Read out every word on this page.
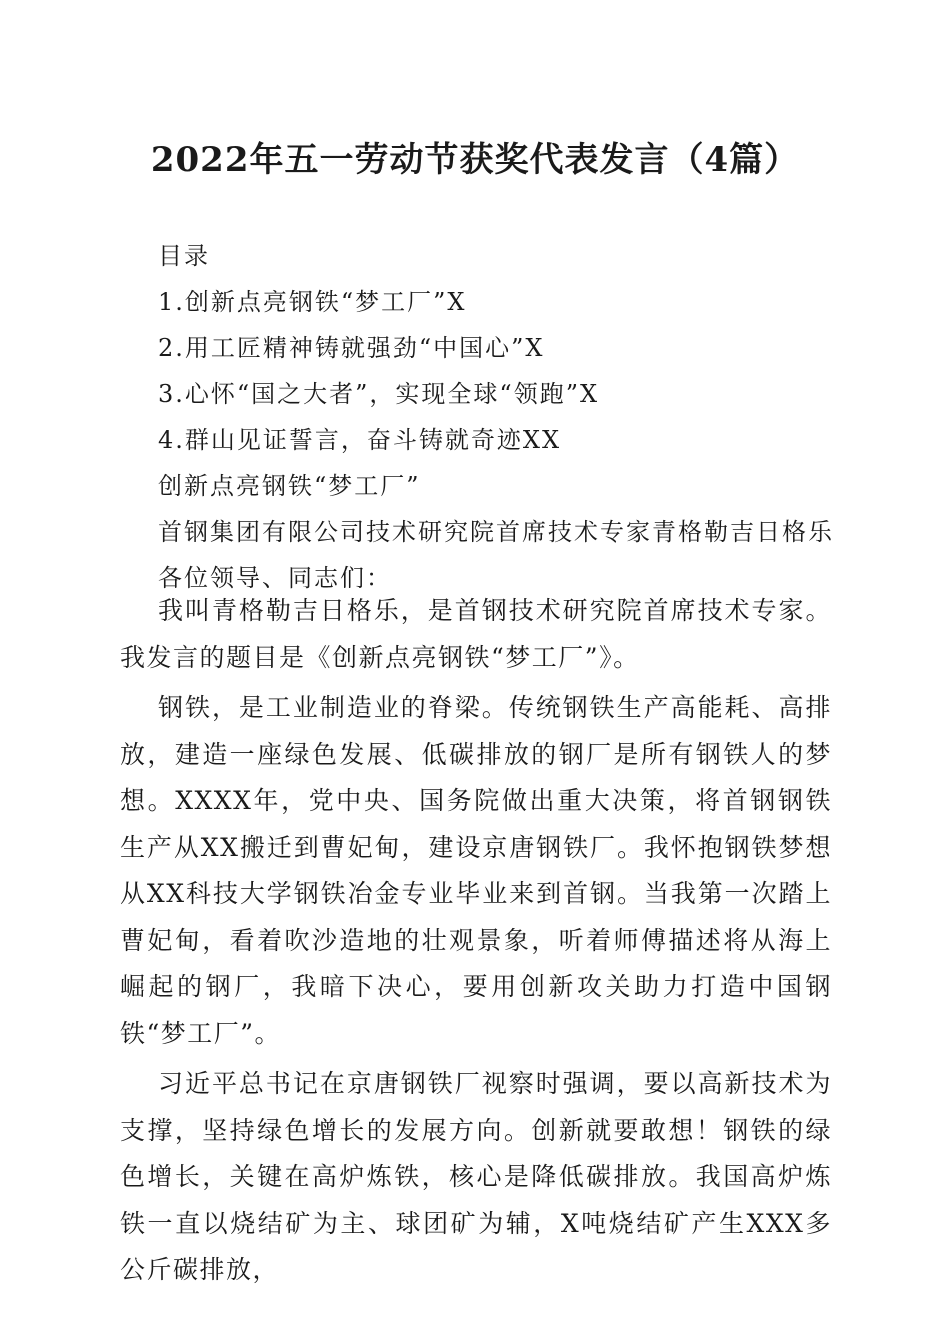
2022年五一劳动节获奖代表发言（4篇）
目录
1.创新点亮钢铁“梦工厂”X
2.用工匠精神铸就强劲“中国心”X
3.心怀“国之大者”，实现全球“领跑”X
4.群山见证誓言，奋斗铸就奇迹XX
创新点亮钢铁“梦工厂”
首钢集团有限公司技术研究院首席技术专家青格勒吉日格乐
各位领导、同志们：

我叫青格勒吉日格乐，是首钢技术研究院首席技术专家。我发言的题目是《创新点亮钢铁“梦工厂”》。

钢铁，是工业制造业的脊梁。传统钢铁生产高能耗、高排放，建造一座绿色发展、低碳排放的钢厂是所有钢铁人的梦想。XXXX年，党中央、国务院做出重大决策，将首钢钢铁生产从XX搬迁到曹妃甸，建设京唐钢铁厂。我怀抱钢铁梦想从XX科技大学钢铁冶金专业毕业来到首钢。当我第一次踏上曹妃甸，看着吹沙造地的壮观景象，听着师傅描述将从海上崛起的钢厂，我暗下决心，要用创新攻关助力打造中国钢铁“梦工厂”。

习近平总书记在京唐钢铁厂视察时强调，要以高新技术为支撑，坚持绿色增长的发展方向。创新就要敢想！钢铁的绿色增长，关键在高炉炼铁，核心是降低碳排放。我国高炉炼铁一直以烧结矿为主、球团矿为辅，X吨烧结矿产生XXX多公斤碳排放，
